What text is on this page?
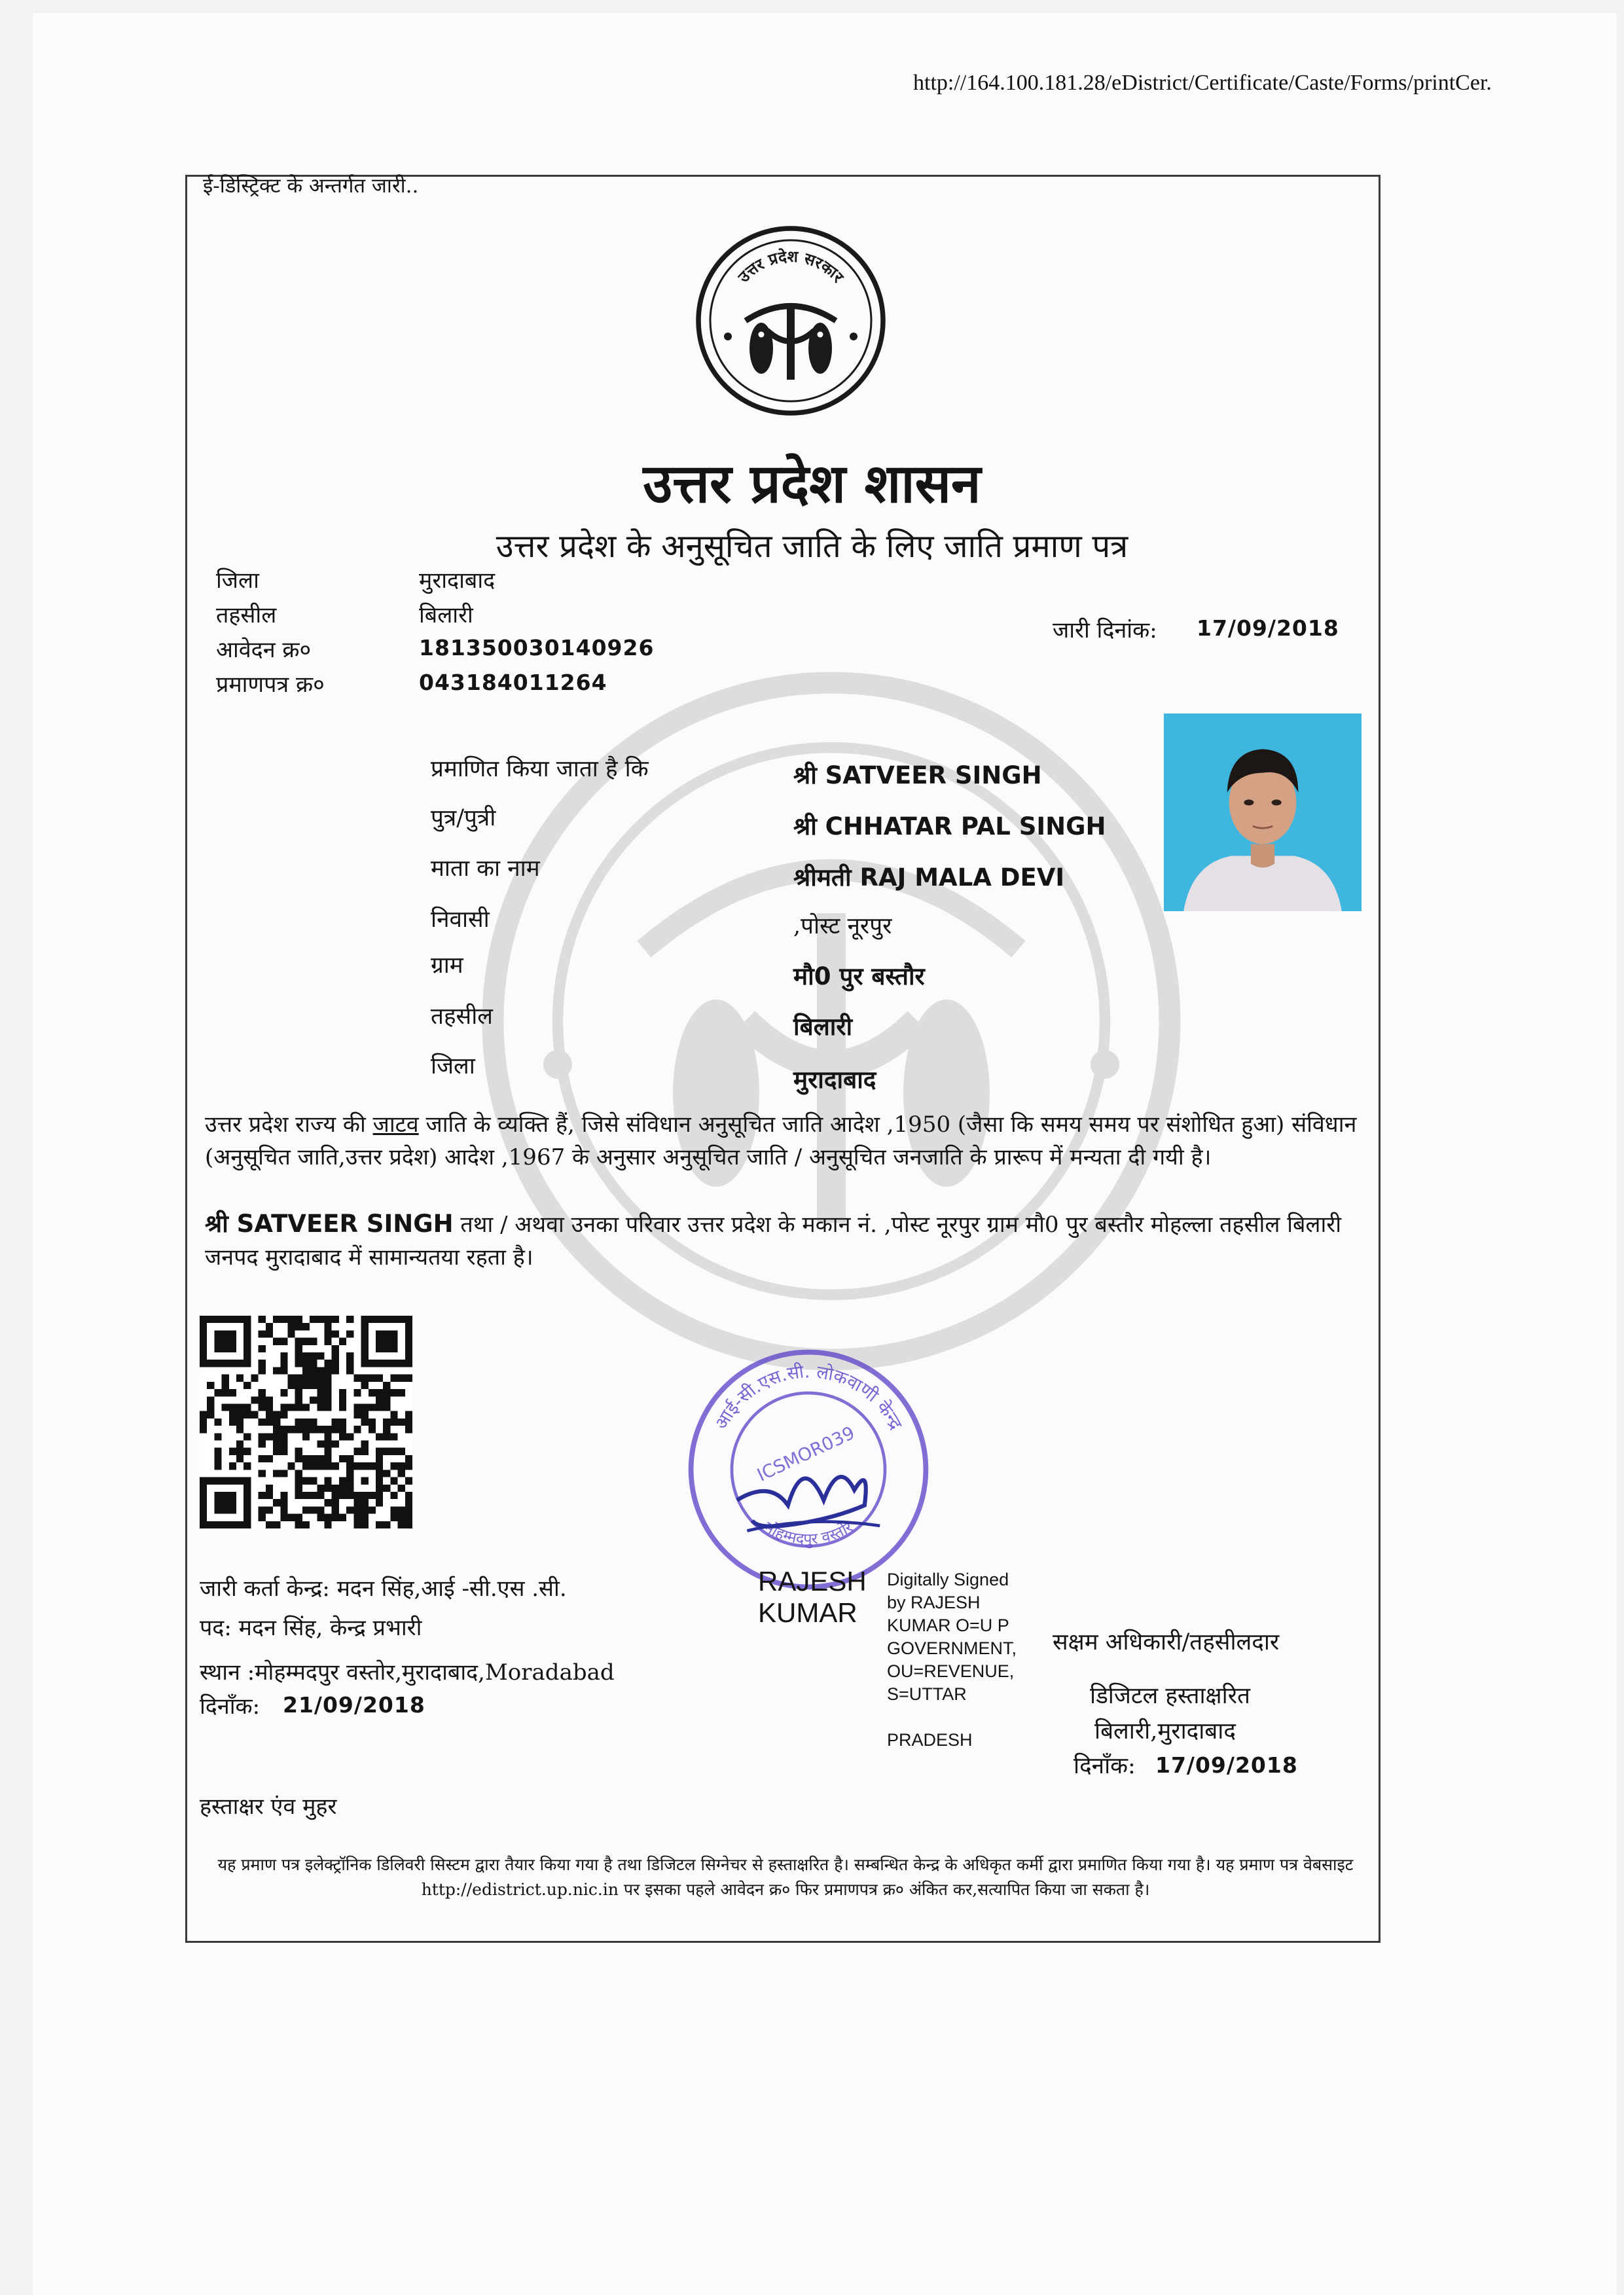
http://164.100.181.28/eDistrict/Certificate/Caste/Forms/printCer.
ई-डिस्ट्रिक्ट के अन्तर्गत जारी..
उत्तर प्रदेश सरकार
उत्तर प्रदेश शासन
उत्तर प्रदेश के अनुसूचित जाति के लिए जाति प्रमाण पत्र
जिला	मुरादाबाद
तहसील	बिलारी
आवेदन क्र०	181350030140926
प्रमाणपत्र क्र०	043184011264
जारी दिनांक: 17/09/2018
प्रमाणित किया जाता है कि	श्री SATVEER SINGH
पुत्र/पुत्री	श्री CHHATAR PAL SINGH
माता का नाम	श्रीमती RAJ MALA DEVI
निवासी	,पोस्ट नूरपुर
ग्राम	मौ0 पुर बस्तौर
तहसील	बिलारी
जिला	मुरादाबाद
उत्तर प्रदेश राज्य की जाटव जाति के व्यक्ति हैं, जिसे संविधान अनुसूचित जाति आदेश ,1950 (जैसा कि समय समय पर संशोधित हुआ) संविधान (अनुसूचित जाति,उत्तर प्रदेश) आदेश ,1967 के अनुसार अनुसूचित जाति / अनुसूचित जनजाति के प्रारूप में मन्यता दी गयी है।
श्री SATVEER SINGH तथा / अथवा उनका परिवार उत्तर प्रदेश के मकान नं. ,पोस्ट नूरपुर ग्राम मौ0 पुर बस्तौर मोहल्ला तहसील बिलारी जनपद मुरादाबाद में सामान्यतया रहता है।
आई-सी.एस.सी. लोकवाणी केन्द्र
मोहम्मदपुर वस्तोर
ICSMOR039
जारी कर्ता केन्द्र: मदन सिंह,आई -सी.एस .सी.
पद: मदन सिंह, केन्द्र प्रभारी
स्थान :मोहम्मदपुर वस्तोर,मुरादाबाद,Moradabad
दिनाँक: 21/09/2018
RAJESH
KUMAR
Digitally Signed
by RAJESH
KUMAR O=U P
GOVERNMENT,
OU=REVENUE,
S=UTTAR
PRADESH
सक्षम अधिकारी/तहसीलदार
डिजिटल हस्ताक्षरित
बिलारी,मुरादाबाद
दिनाँक: 17/09/2018
हस्ताक्षर एंव मुहर
यह प्रमाण पत्र इलेक्ट्रॉनिक डिलिवरी सिस्टम द्वारा तैयार किया गया है तथा डिजिटल सिग्नेचर से हस्ताक्षरित है। सम्बन्धित केन्द्र के अधिकृत कर्मी द्वारा प्रमाणित किया गया है। यह प्रमाण पत्र वेबसाइट http://edistrict.up.nic.in पर इसका पहले आवेदन क्र० फिर प्रमाणपत्र क्र० अंकित कर,सत्यापित किया जा सकता है।
